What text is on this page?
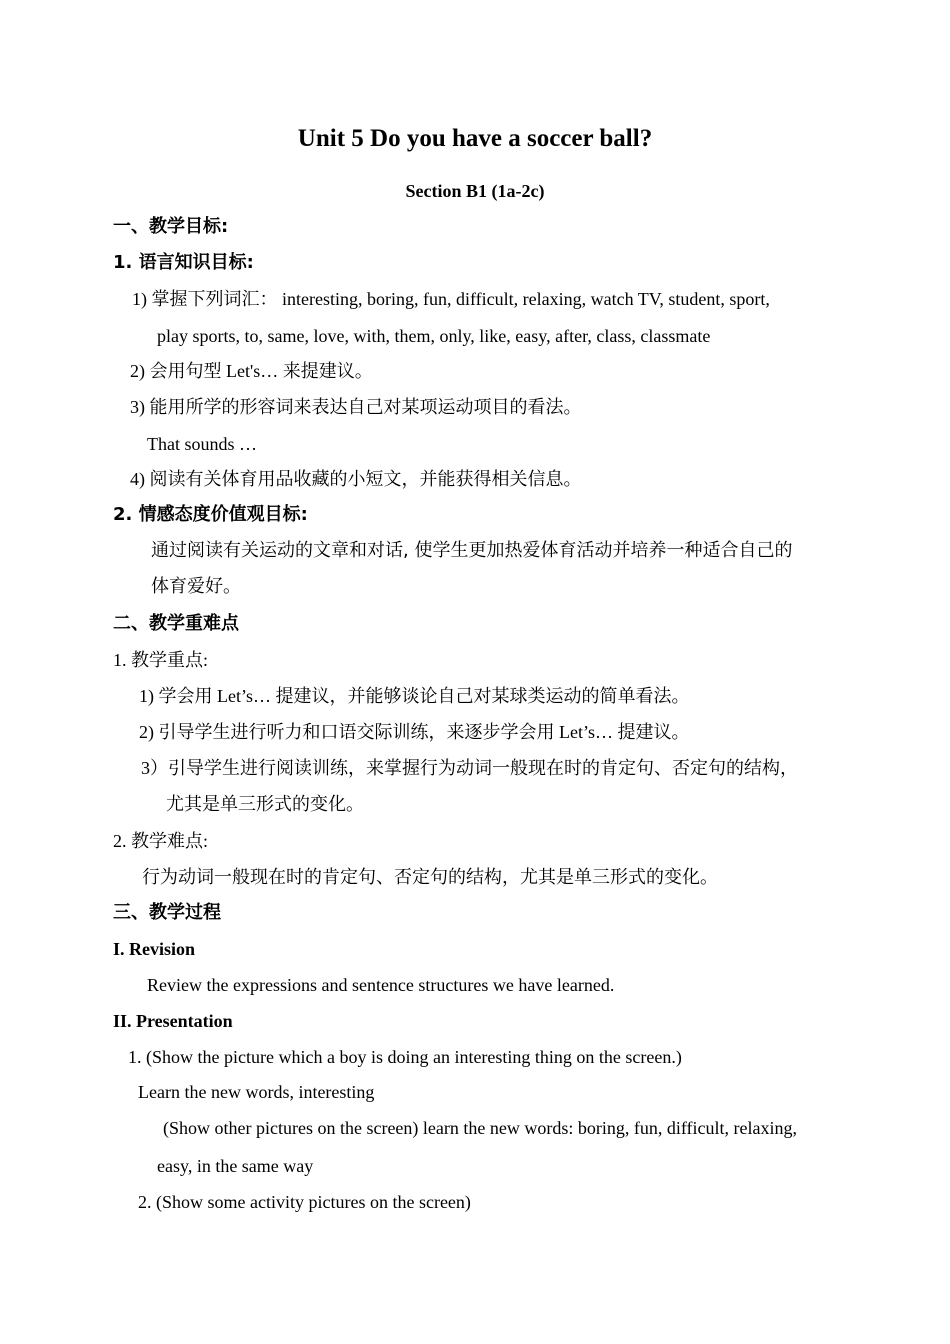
Unit 5 Do you have a soccer ball?
Section B1 (1a-2c)
一、教学目标:
1. 语言知识目标:
1) 掌握下列词汇： interesting, boring, fun, difficult, relaxing, watch TV, student, sport,
play sports, to, same, love, with, them, only, like, easy, after, class, classmate
2) 会用句型 Let's… 来提建议。
3) 能用所学的形容词来表达自己对某项运动项目的看法。
That sounds …
4) 阅读有关体育用品收藏的小短文，并能获得相关信息。
2. 情感态度价值观目标:
通过阅读有关运动的文章和对话, 使学生更加热爱体育活动并培养一种适合自己的
体育爱好。
二、教学重难点
1. 教学重点:
1) 学会用 Let’s… 提建议，并能够谈论自己对某球类运动的简单看法。
2) 引导学生进行听力和口语交际训练，来逐步学会用 Let’s… 提建议。
3）引导学生进行阅读训练，来掌握行为动词一般现在时的肯定句、否定句的结构，
尤其是单三形式的变化。
2. 教学难点:
行为动词一般现在时的肯定句、否定句的结构，尤其是单三形式的变化。
三、教学过程
I. Revision
Review the expressions and sentence structures we have learned.
II. Presentation
1. (Show the picture which a boy is doing an interesting thing on the screen.)
Learn the new words, interesting
(Show other pictures on the screen) learn the new words: boring, fun, difficult, relaxing,
easy, in the same way
2. (Show some activity pictures on the screen)
